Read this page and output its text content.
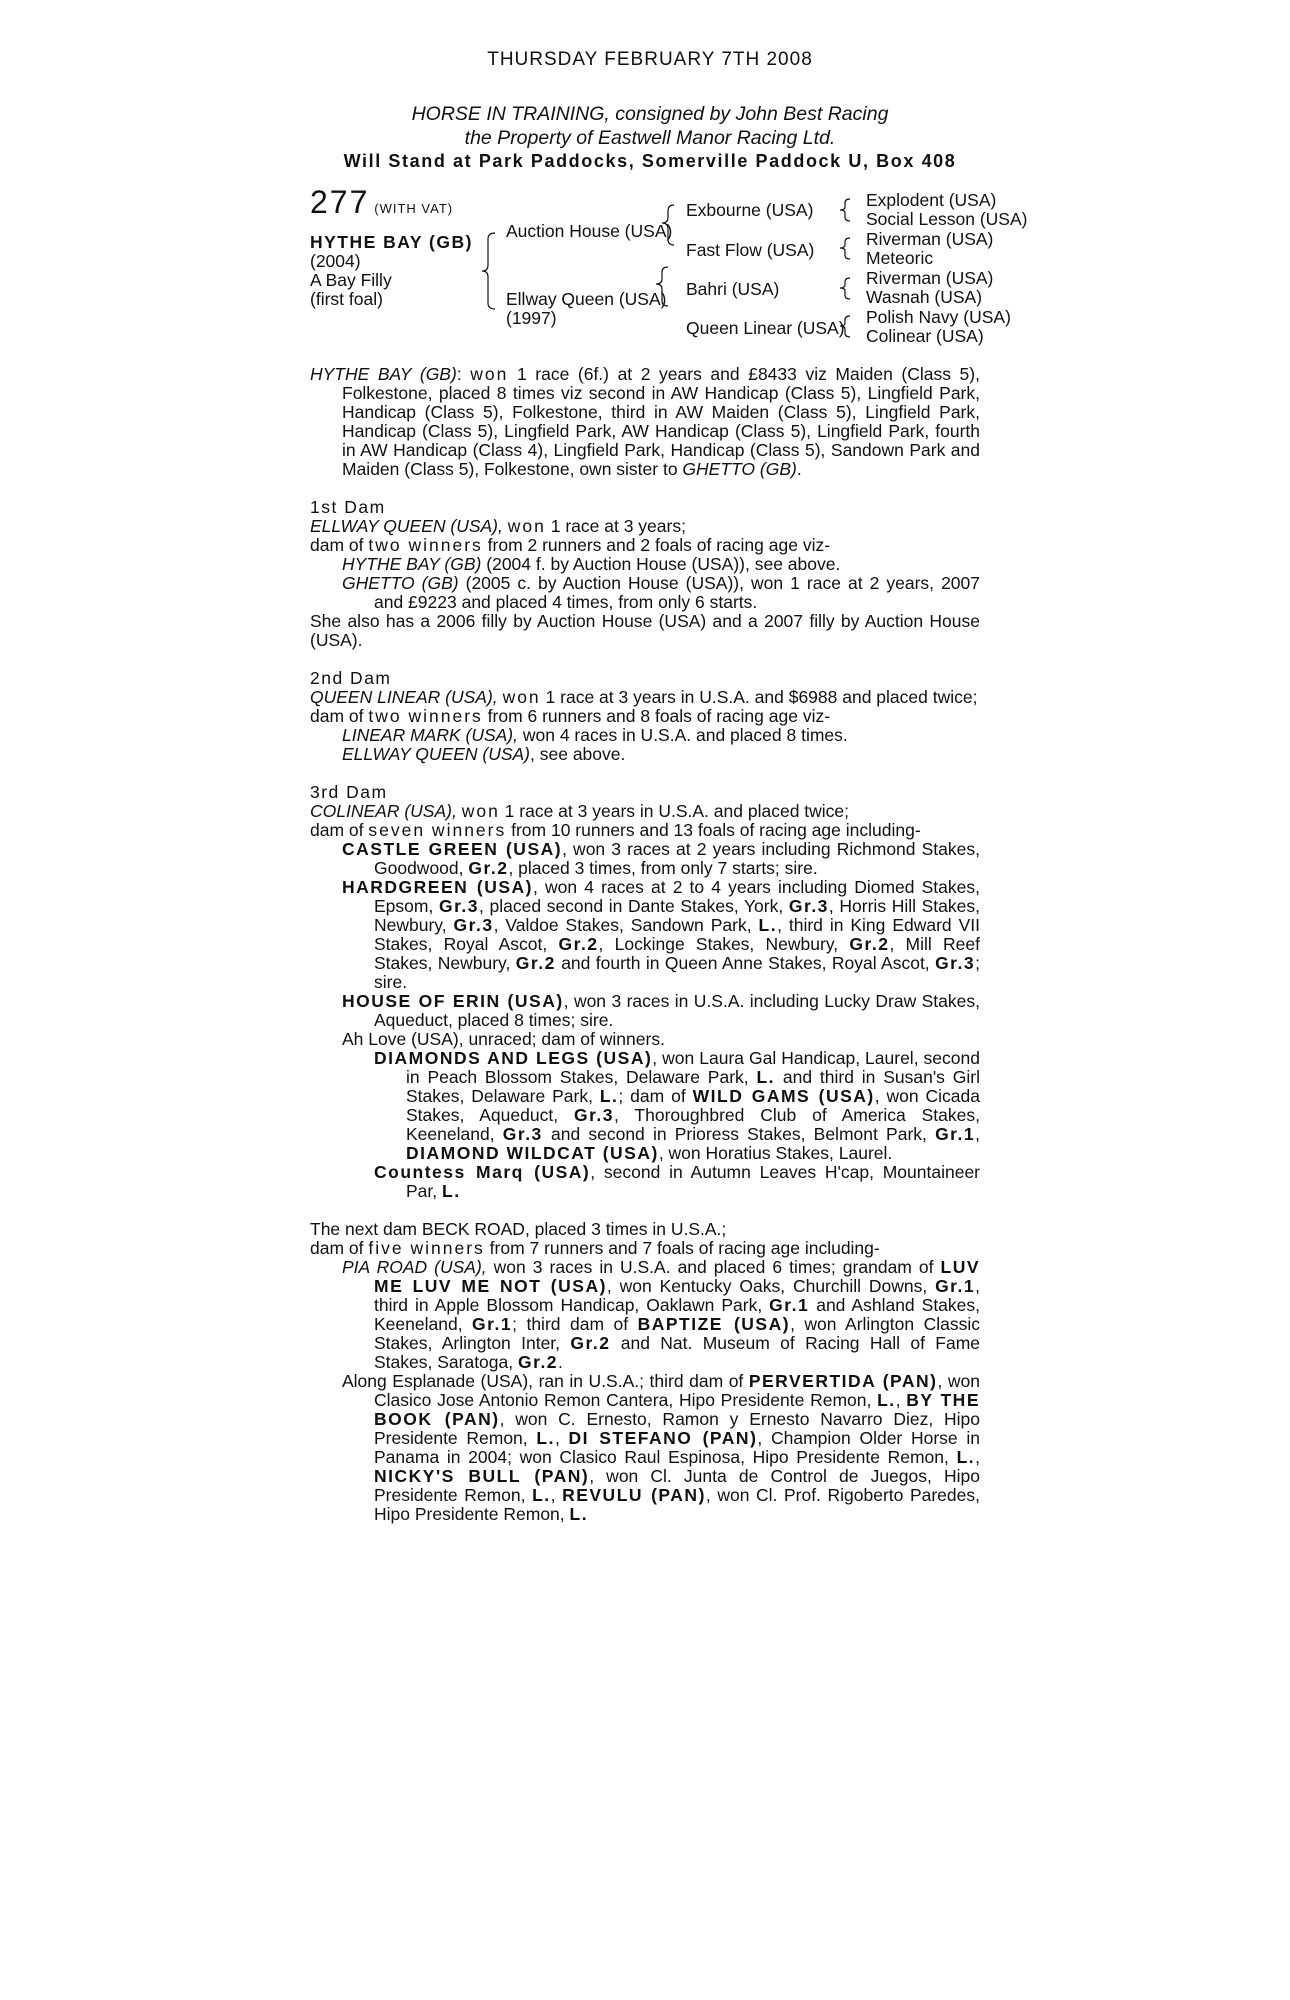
THURSDAY FEBRUARY 7TH 2008
HORSE IN TRAINING, consigned by John Best Racing
the Property of Eastwell Manor Racing Ltd.
Will Stand at Park Paddocks, Somerville Paddock U, Box 408
277 (WITH VAT)
HYTHE BAY (GB)
(2004)
A Bay Filly
(first foal)
Auction House (USA)
Ellway Queen (USA)
(1997)
Exbourne (USA)
Fast Flow (USA)
Bahri (USA)
Queen Linear (USA)
Explodent (USA)
Social Lesson (USA)
Riverman (USA)
Meteoric
Riverman (USA)
Wasnah (USA)
Polish Navy (USA)
Colinear (USA)

HYTHE BAY (GB): won 1 race (6f.) at 2 years and £8433 viz Maiden (Class 5), Folkestone, placed 8 times viz second in AW Handicap (Class 5), Lingfield Park, Handicap (Class 5), Folkestone, third in AW Maiden (Class 5), Lingfield Park, Handicap (Class 5), Lingfield Park, AW Handicap (Class 5), Lingfield Park, fourth in AW Handicap (Class 4), Lingfield Park, Handicap (Class 5), Sandown Park and Maiden (Class 5), Folkestone, own sister to GHETTO (GB).

1st Dam

ELLWAY QUEEN (USA), won 1 race at 3 years;

dam of two winners from 2 runners and 2 foals of racing age viz-

HYTHE BAY (GB) (2004 f. by Auction House (USA)), see above.

GHETTO (GB) (2005 c. by Auction House (USA)), won 1 race at 2 years, 2007 and £9223 and placed 4 times, from only 6 starts.

She also has a 2006 filly by Auction House (USA) and a 2007 filly by Auction House (USA).

2nd Dam

QUEEN LINEAR (USA), won 1 race at 3 years in U.S.A. and $6988 and placed twice;

dam of two winners from 6 runners and 8 foals of racing age viz-

LINEAR MARK (USA), won 4 races in U.S.A. and placed 8 times.

ELLWAY QUEEN (USA), see above.

3rd Dam

COLINEAR (USA), won 1 race at 3 years in U.S.A. and placed twice;

dam of seven winners from 10 runners and 13 foals of racing age including-

CASTLE GREEN (USA), won 3 races at 2 years including Richmond Stakes, Goodwood, Gr.2, placed 3 times, from only 7 starts; sire.

HARDGREEN (USA), won 4 races at 2 to 4 years including Diomed Stakes, Epsom, Gr.3, placed second in Dante Stakes, York, Gr.3, Horris Hill Stakes, Newbury, Gr.3, Valdoe Stakes, Sandown Park, L., third in King Edward VII Stakes, Royal Ascot, Gr.2, Lockinge Stakes, Newbury, Gr.2, Mill Reef Stakes, Newbury, Gr.2 and fourth in Queen Anne Stakes, Royal Ascot, Gr.3; sire.

HOUSE OF ERIN (USA), won 3 races in U.S.A. including Lucky Draw Stakes, Aqueduct, placed 8 times; sire.

Ah Love (USA), unraced; dam of winners.

DIAMONDS AND LEGS (USA), won Laura Gal Handicap, Laurel, second in Peach Blossom Stakes, Delaware Park, L. and third in Susan's Girl Stakes, Delaware Park, L.; dam of WILD GAMS (USA), won Cicada Stakes, Aqueduct, Gr.3, Thoroughbred Club of America Stakes, Keeneland, Gr.3 and second in Prioress Stakes, Belmont Park, Gr.1, DIAMOND WILDCAT (USA), won Horatius Stakes, Laurel.

Countess Marq (USA), second in Autumn Leaves H'cap, Mountaineer Par, L.

The next dam BECK ROAD, placed 3 times in U.S.A.;

dam of five winners from 7 runners and 7 foals of racing age including-

PIA ROAD (USA), won 3 races in U.S.A. and placed 6 times; grandam of LUV ME LUV ME NOT (USA), won Kentucky Oaks, Churchill Downs, Gr.1, third in Apple Blossom Handicap, Oaklawn Park, Gr.1 and Ashland Stakes, Keeneland, Gr.1; third dam of BAPTIZE (USA), won Arlington Classic Stakes, Arlington Inter, Gr.2 and Nat. Museum of Racing Hall of Fame Stakes, Saratoga, Gr.2.

Along Esplanade (USA), ran in U.S.A.; third dam of PERVERTIDA (PAN), won Clasico Jose Antonio Remon Cantera, Hipo Presidente Remon, L., BY THE BOOK (PAN), won C. Ernesto, Ramon y Ernesto Navarro Diez, Hipo Presidente Remon, L., DI STEFANO (PAN), Champion Older Horse in Panama in 2004; won Clasico Raul Espinosa, Hipo Presidente Remon, L., NICKY'S BULL (PAN), won Cl. Junta de Control de Juegos, Hipo Presidente Remon, L., REVULU (PAN), won Cl. Prof. Rigoberto Paredes, Hipo Presidente Remon, L.
